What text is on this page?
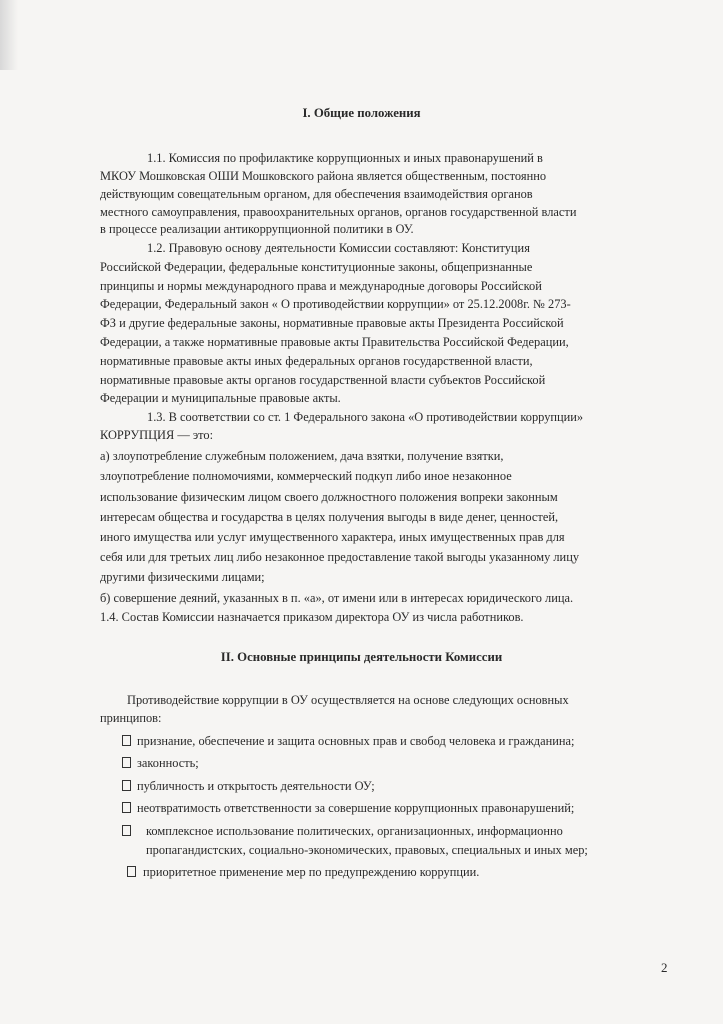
I. Общие положения
1.1. Комиссия по профилактике коррупционных и иных правонарушений в
МКОУ Мошковская ОШИ Мошковского района является общественным, постоянно
действующим совещательным органом, для обеспечения взаимодействия органов
местного самоуправления, правоохранительных органов, органов государственной власти
в процессе реализации антикоррупционной политики в ОУ.
1.2. Правовую основу деятельности Комиссии составляют: Конституция
Российской Федерации, федеральные конституционные законы, общепризнанные
принципы и нормы международного права и международные договоры Российской
Федерации, Федеральный закон « О противодействии коррупции» от 25.12.2008г. № 273-
ФЗ и другие федеральные законы, нормативные правовые акты Президента Российской
Федерации, а также нормативные правовые акты Правительства Российской Федерации,
нормативные правовые акты иных федеральных органов государственной власти,
нормативные правовые акты органов государственной власти субъектов Российской
Федерации и муниципальные правовые акты.
1.3. В соответствии со ст. 1 Федерального закона «О противодействии коррупции»
КОРРУПЦИЯ — это:
а) злоупотребление служебным положением, дача взятки, получение взятки,
злоупотребление полномочиями, коммерческий подкуп либо иное незаконное
использование физическим лицом своего должностного положения вопреки законным
интересам общества и государства в целях получения выгоды в виде денег, ценностей,
иного имущества или услуг имущественного характера, иных имущественных прав для
себя или для третьих лиц либо незаконное предоставление такой выгоды указанному лицу
другими физическими лицами;
б) совершение деяний, указанных в п. «а», от имени или в интересах юридического лица.
1.4. Состав Комиссии назначается приказом директора ОУ из числа работников.
II. Основные принципы деятельности Комиссии
Противодействие коррупции в ОУ осуществляется на основе следующих основных
принципов:
признание, обеспечение и защита основных прав и свобод человека и гражданина;
законность;
публичность и открытость деятельности ОУ;
неотвратимость ответственности за совершение коррупционных правонарушений;
комплексное использование политических, организационных, информационно
пропагандистских, социально-экономических, правовых, специальных и иных мер;
приоритетное применение мер по предупреждению коррупции.
2
